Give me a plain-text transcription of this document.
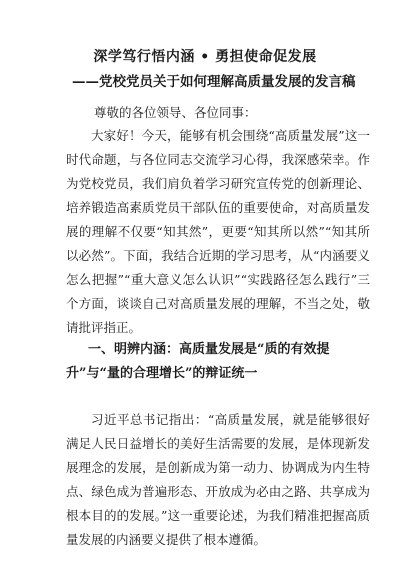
深学笃行悟内涵 • 勇担使命促发展
——党校党员关于如何理解高质量发展的发言稿
尊敬的各位领导、各位同事：
大家好！今天，能够有机会围绕“高质量发展”这一时代命题，与各位同志交流学习心得，我深感荣幸。作为党校党员，我们肩负着学习研究宣传党的创新理论、培养锻造高素质党员干部队伍的重要使命，对高质量发展的理解不仅要“知其然”，更要“知其所以然”“知其所以必然”。下面，我结合近期的学习思考，从“内涵要义怎么把握”“重大意义怎么认识”“实践路径怎么践行”三个方面，谈谈自己对高质量发展的理解，不当之处，敬请批评指正。
一、明辨内涵：高质量发展是“质的有效提升”与“量的合理增长”的辩证统一
习近平总书记指出：“高质量发展，就是能够很好满足人民日益增长的美好生活需要的发展，是体现新发展理念的发展，是创新成为第一动力、协调成为内生特点、绿色成为普遍形态、开放成为必由之路、共享成为根本目的的发展。”这一重要论述，为我们精准把握高质量发展的内涵要义提供了根本遵循。
